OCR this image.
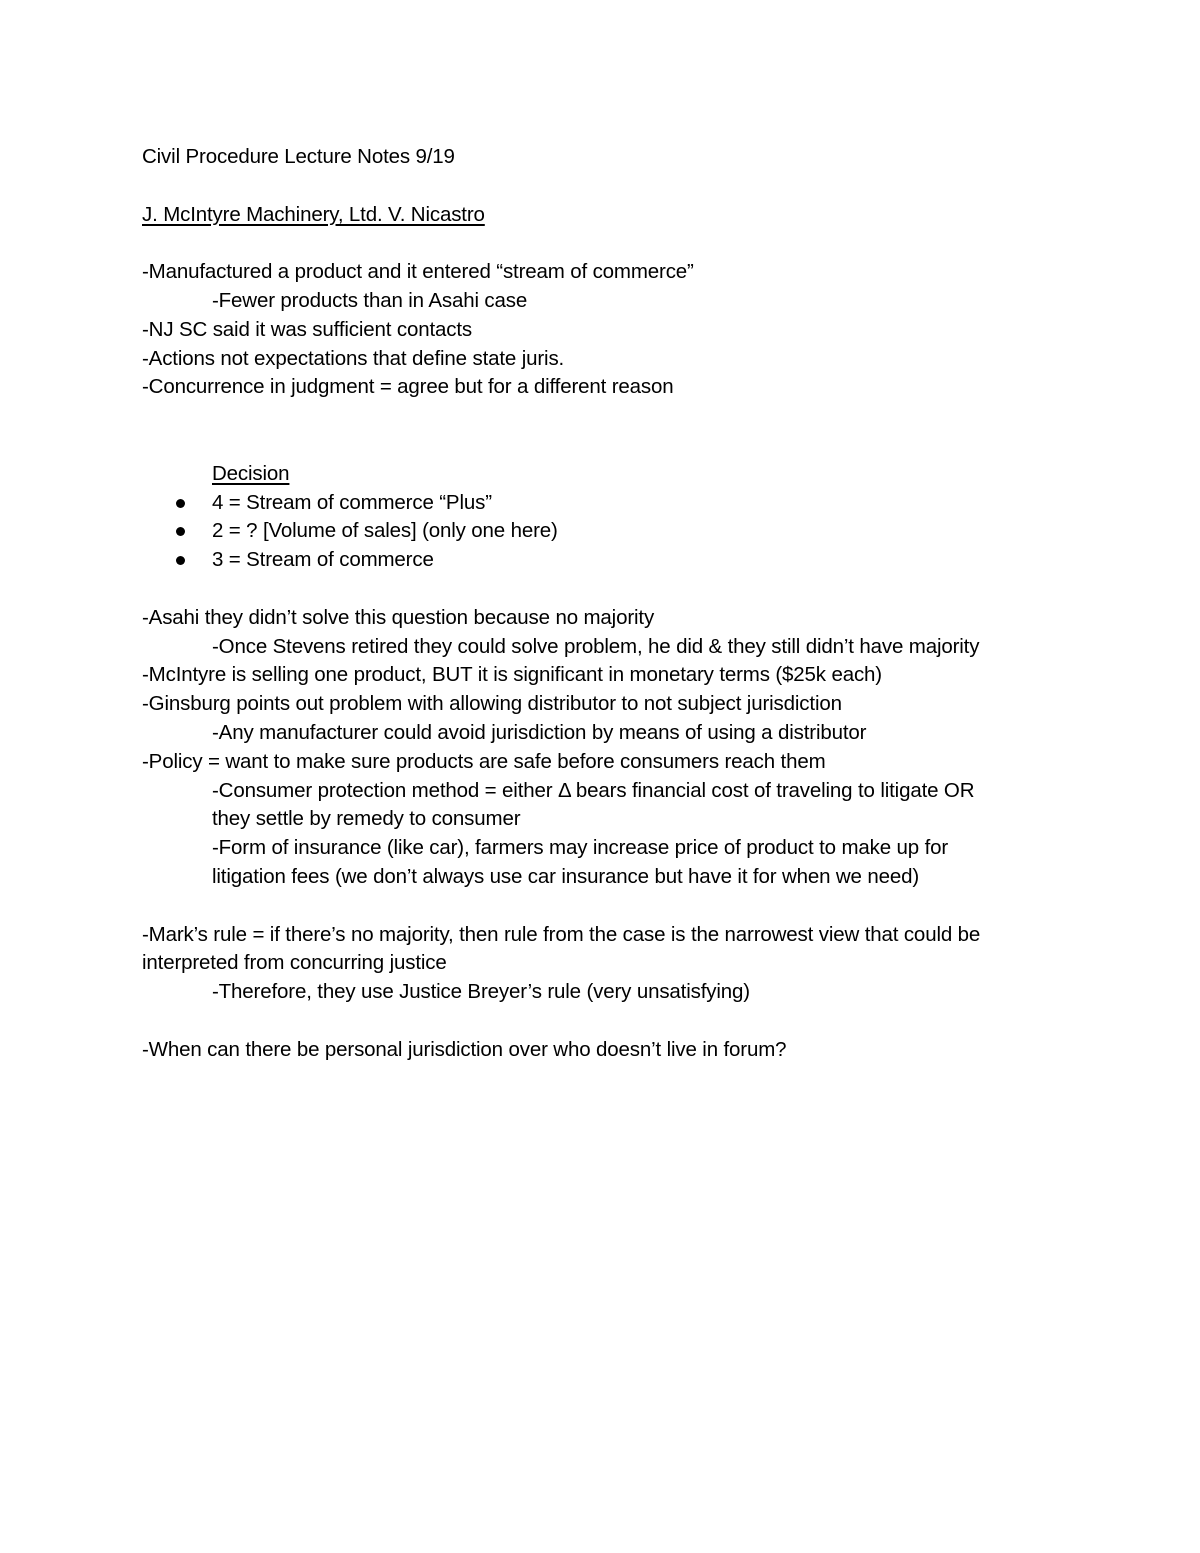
Civil Procedure Lecture Notes 9/19
J. McIntyre Machinery, Ltd. V. Nicastro
-Manufactured a product and it entered “stream of commerce”
-Fewer products than in Asahi case
-NJ SC said it was sufficient contacts
-Actions not expectations that define state juris.
-Concurrence in judgment = agree but for a different reason
Decision
4 = Stream of commerce “Plus”
2 = ? [Volume of sales] (only one here)
3 = Stream of commerce
-Asahi they didn’t solve this question because no majority
-Once Stevens retired they could solve problem, he did & they still didn’t have majority
-McIntyre is selling one product, BUT it is significant in monetary terms ($25k each)
-Ginsburg points out problem with allowing distributor to not subject jurisdiction
-Any manufacturer could avoid jurisdiction by means of using a distributor
-Policy = want to make sure products are safe before consumers reach them
-Consumer protection method = either Δ bears financial cost of traveling to litigate OR
they settle by remedy to consumer
-Form of insurance (like car), farmers may increase price of product to make up for
litigation fees (we don’t always use car insurance but have it for when we need)
-Mark’s rule = if there’s no majority, then rule from the case is the narrowest view that could be
interpreted from concurring justice
-Therefore, they use Justice Breyer’s rule (very unsatisfying)
-When can there be personal jurisdiction over who doesn’t live in forum?
